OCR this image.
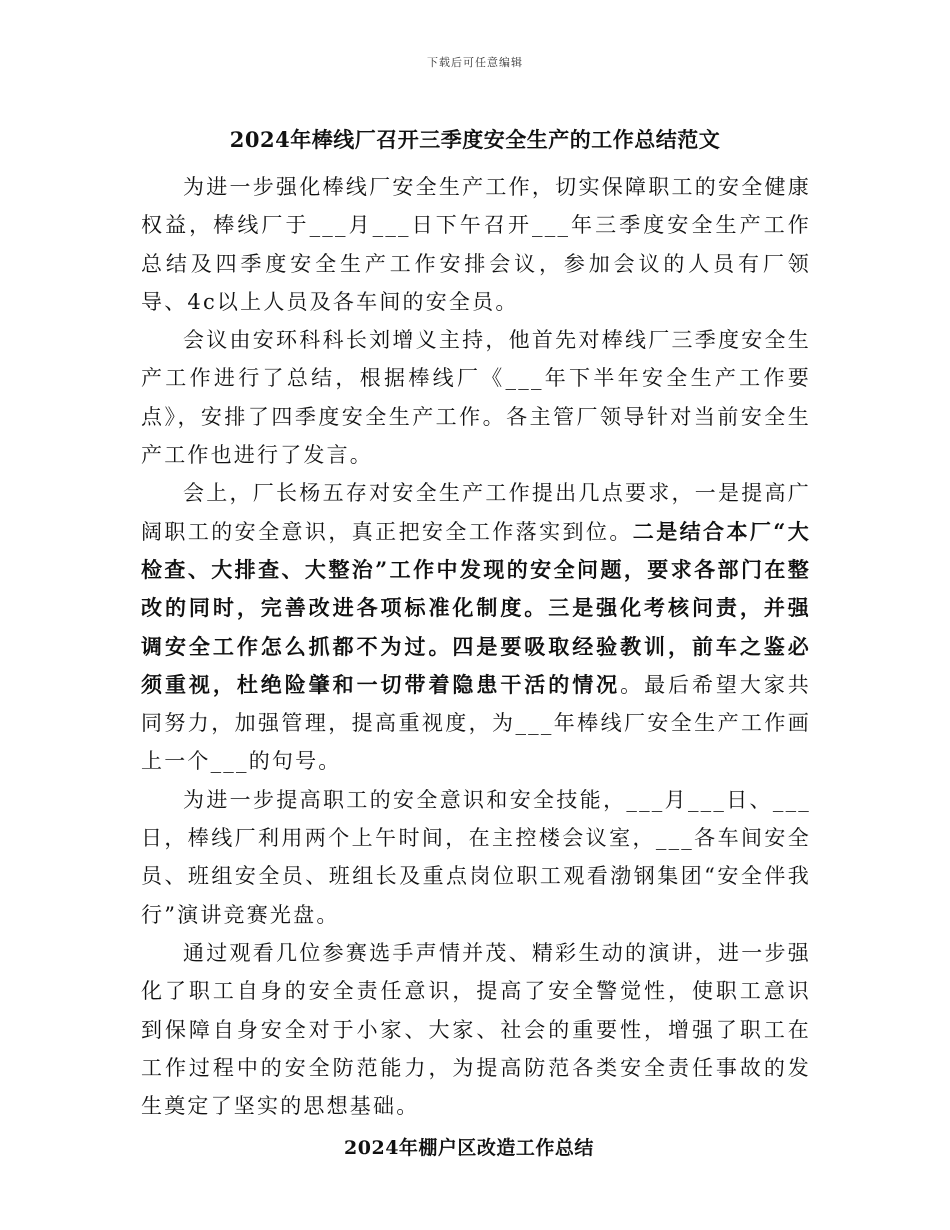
下载后可任意编辑
2024年棒线厂召开三季度安全生产的工作总结范文

为进一步强化棒线厂安全生产工作，切实保障职工的安全健康权益，棒线厂于___月___日下午召开___年三季度安全生产工作总结及四季度安全生产工作安排会议，参加会议的人员有厂领导、4c以上人员及各车间的安全员。

会议由安环科科长刘增义主持，他首先对棒线厂三季度安全生产工作进行了总结，根据棒线厂《___年下半年安全生产工作要点》，安排了四季度安全生产工作。各主管厂领导针对当前安全生产工作也进行了发言。

会上，厂长杨五存对安全生产工作提出几点要求，一是提高广阔职工的安全意识，真正把安全工作落实到位。二是结合本厂“大检查、大排查、大整治”工作中发现的安全问题，要求各部门在整改的同时，完善改进各项标准化制度。三是强化考核问责，并强调安全工作怎么抓都不为过。四是要吸取经验教训，前车之鉴必须重视，杜绝险肇和一切带着隐患干活的情况。最后希望大家共同努力，加强管理，提高重视度，为___年棒线厂安全生产工作画上一个___的句号。

为进一步提高职工的安全意识和安全技能，___月___日、___日，棒线厂利用两个上午时间，在主控楼会议室，___各车间安全员、班组安全员、班组长及重点岗位职工观看渤钢集团“安全伴我行”演讲竞赛光盘。

通过观看几位参赛选手声情并茂、精彩生动的演讲，进一步强化了职工自身的安全责任意识，提高了安全警觉性，使职工意识到保障自身安全对于小家、大家、社会的重要性，增强了职工在工作过程中的安全防范能力，为提高防范各类安全责任事故的发生奠定了坚实的思想基础。

2024年棚户区改造工作总结
